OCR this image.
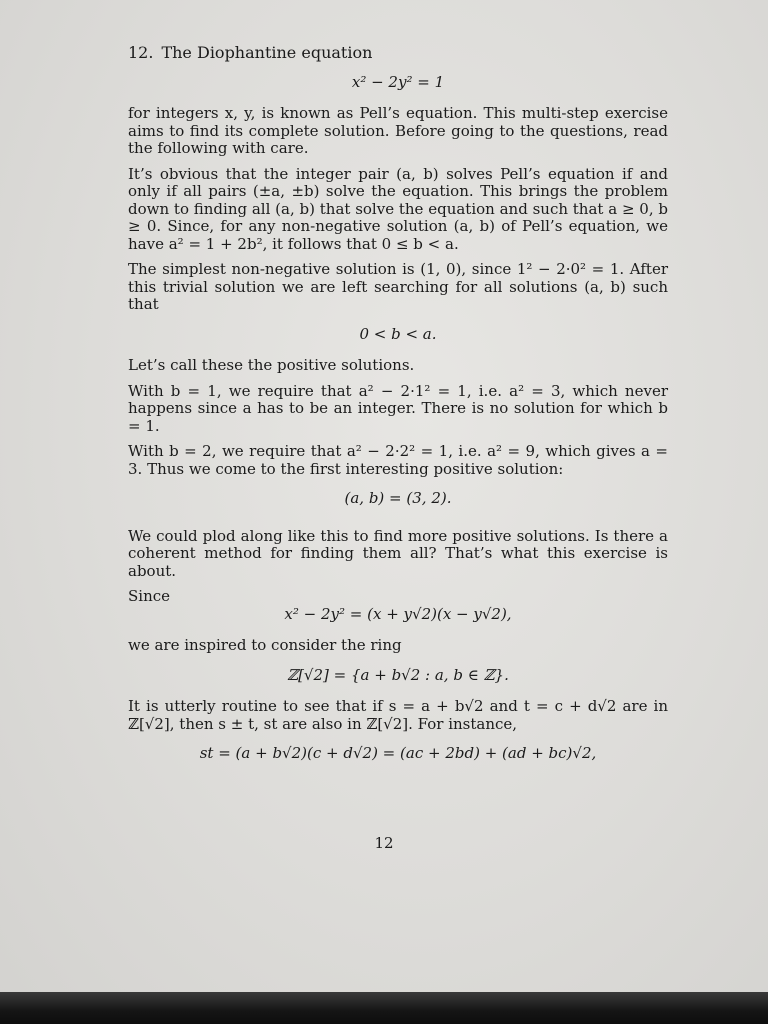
12. The Diophantine equation
x² − 2y² = 1

for integers x, y, is known as Pell’s equation. This multi-step exercise aims to find its complete solution. Before going to the questions, read the following with care.

It’s obvious that the integer pair (a, b) solves Pell’s equation if and only if all pairs (±a, ±b) solve the equation. This brings the problem down to finding all (a, b) that solve the equation and such that a ≥ 0, b ≥ 0. Since, for any non-negative solution (a, b) of Pell’s equation, we have a² = 1 + 2b², it follows that 0 ≤ b < a.

The simplest non-negative solution is (1, 0), since 1² − 2·0² = 1. After this trivial solution we are left searching for all solutions (a, b) such that

0 < b < a.

Let’s call these the positive solutions.

With b = 1, we require that a² − 2·1² = 1, i.e. a² = 3, which never happens since a has to be an integer. There is no solution for which b = 1.

With b = 2, we require that a² − 2·2² = 1, i.e. a² = 9, which gives a = 3. Thus we come to the first interesting positive solution:

(a, b) = (3, 2).

We could plod along like this to find more positive solutions. Is there a coherent method for finding them all? That’s what this exercise is about.

Since

x² − 2y² = (x + y√2)(x − y√2),

we are inspired to consider the ring

ℤ[√2] = {a + b√2 : a, b ∈ ℤ}.

It is utterly routine to see that if s = a + b√2 and t = c + d√2 are in ℤ[√2], then s ± t, st are also in ℤ[√2]. For instance,

st = (a + b√2)(c + d√2) = (ac + 2bd) + (ad + bc)√2,
12
